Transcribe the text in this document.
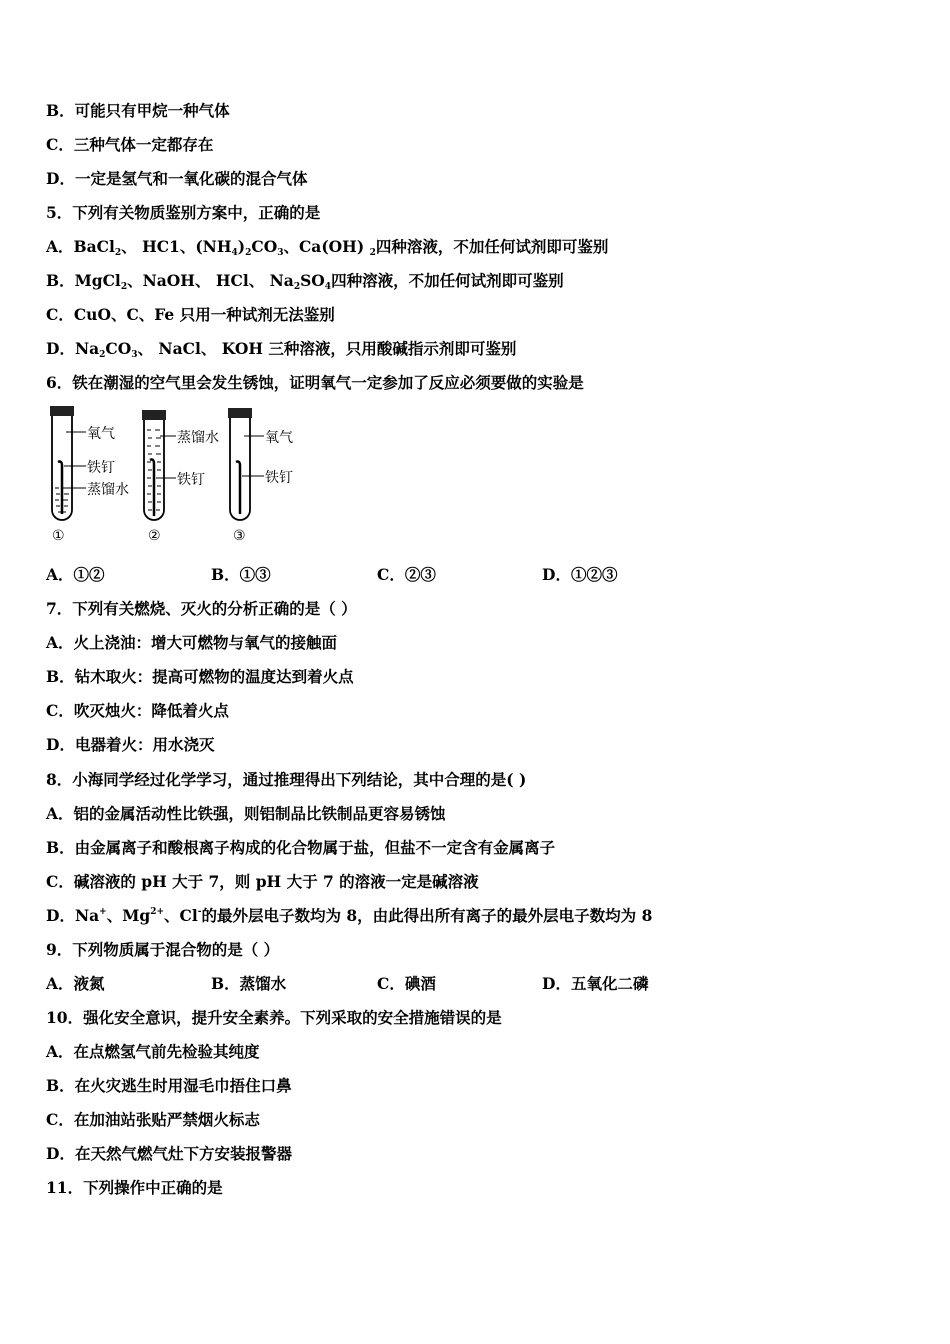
B．可能只有甲烷一种气体
C．三种气体一定都存在
D．一定是氢气和一氧化碳的混合气体
5．下列有关物质鉴别方案中，正确的是
A．BaCl$_2$、 HC1、$(NH_4)_2CO_3$、Ca(OH) $_2$四种溶液，不加任何试剂即可鉴别
B．MgCl$_2$、NaOH、 HCl、 $Na_2SO_4$四种溶液，不加任何试剂即可鉴别
C．CuO、C、Fe 只用一种试剂无法鉴别
D．$Na_2CO_3$、 NaCl、 KOH 三种溶液，只用酸碱指示剂即可鉴别
6．铁在潮湿的空气里会发生锈蚀，证明氧气一定参加了反应必须要做的实验是
氧气
铁钉
蒸馏水
①
蒸馏水
铁钉
②
氧气
铁钉
③
A．①②	B．①③	C．②③	D．①②③
7．下列有关燃烧、灭火的分析正确的是（ ）
A．火上浇油：增大可燃物与氧气的接触面
B．钻木取火：提高可燃物的温度达到着火点
C．吹灭烛火：降低着火点
D．电器着火：用水浇灭
8．小海同学经过化学学习，通过推理得出下列结论，其中合理的是( )
A．铝的金属活动性比铁强，则铝制品比铁制品更容易锈蚀
B．由金属离子和酸根离子构成的化合物属于盐，但盐不一定含有金属离子
C．碱溶液的 pH 大于 7，则 pH 大于 7 的溶液一定是碱溶液
D．Na+、$Mg^{2+}$、Cl-的最外层电子数均为 8，由此得出所有离子的最外层电子数均为 8
9．下列物质属于混合物的是（ ）
A．液氮	B．蒸馏水	C．碘酒	D．五氧化二磷
10．强化安全意识，提升安全素养。下列采取的安全措施错误的是
A．在点燃氢气前先检验其纯度
B．在火灾逃生时用湿毛巾捂住口鼻
C．在加油站张贴严禁烟火标志
D．在天然气燃气灶下方安装报警器
11．下列操作中正确的是
